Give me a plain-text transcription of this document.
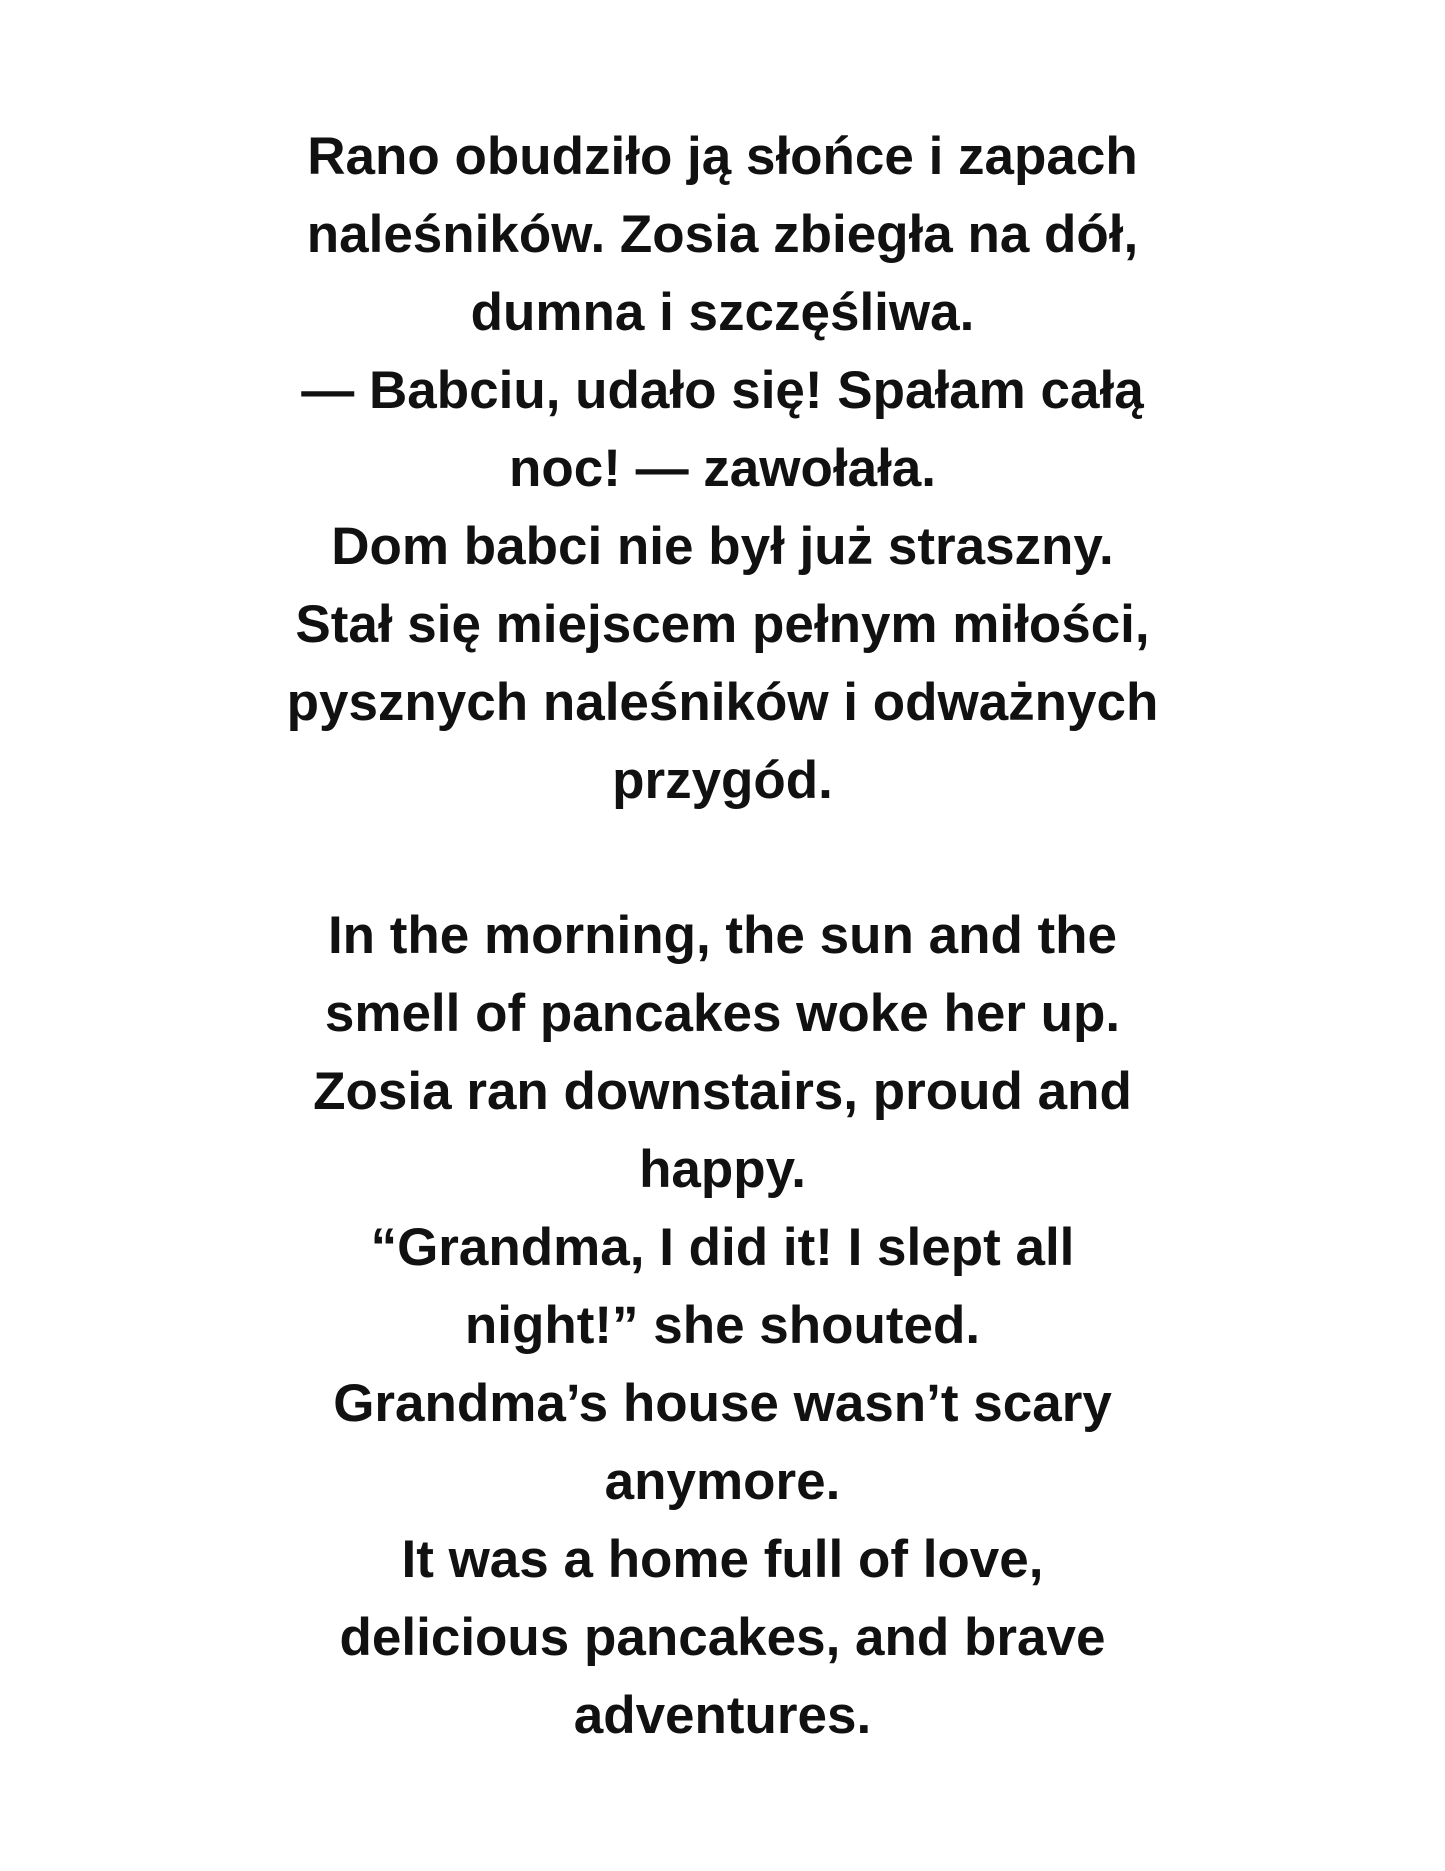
Rano obudziło ją słońce i zapach
naleśników. Zosia zbiegła na dół,
dumna i szczęśliwa.
— Babciu, udało się! Spałam całą
noc! — zawołała.
Dom babci nie był już straszny.
Stał się miejscem pełnym miłości,
pysznych naleśników i odważnych
przygód.
In the morning, the sun and the
smell of pancakes woke her up.
Zosia ran downstairs, proud and
happy.
“Grandma, I did it! I slept all
night!” she shouted.
Grandma’s house wasn’t scary
anymore.
It was a home full of love,
delicious pancakes, and brave
adventures.
